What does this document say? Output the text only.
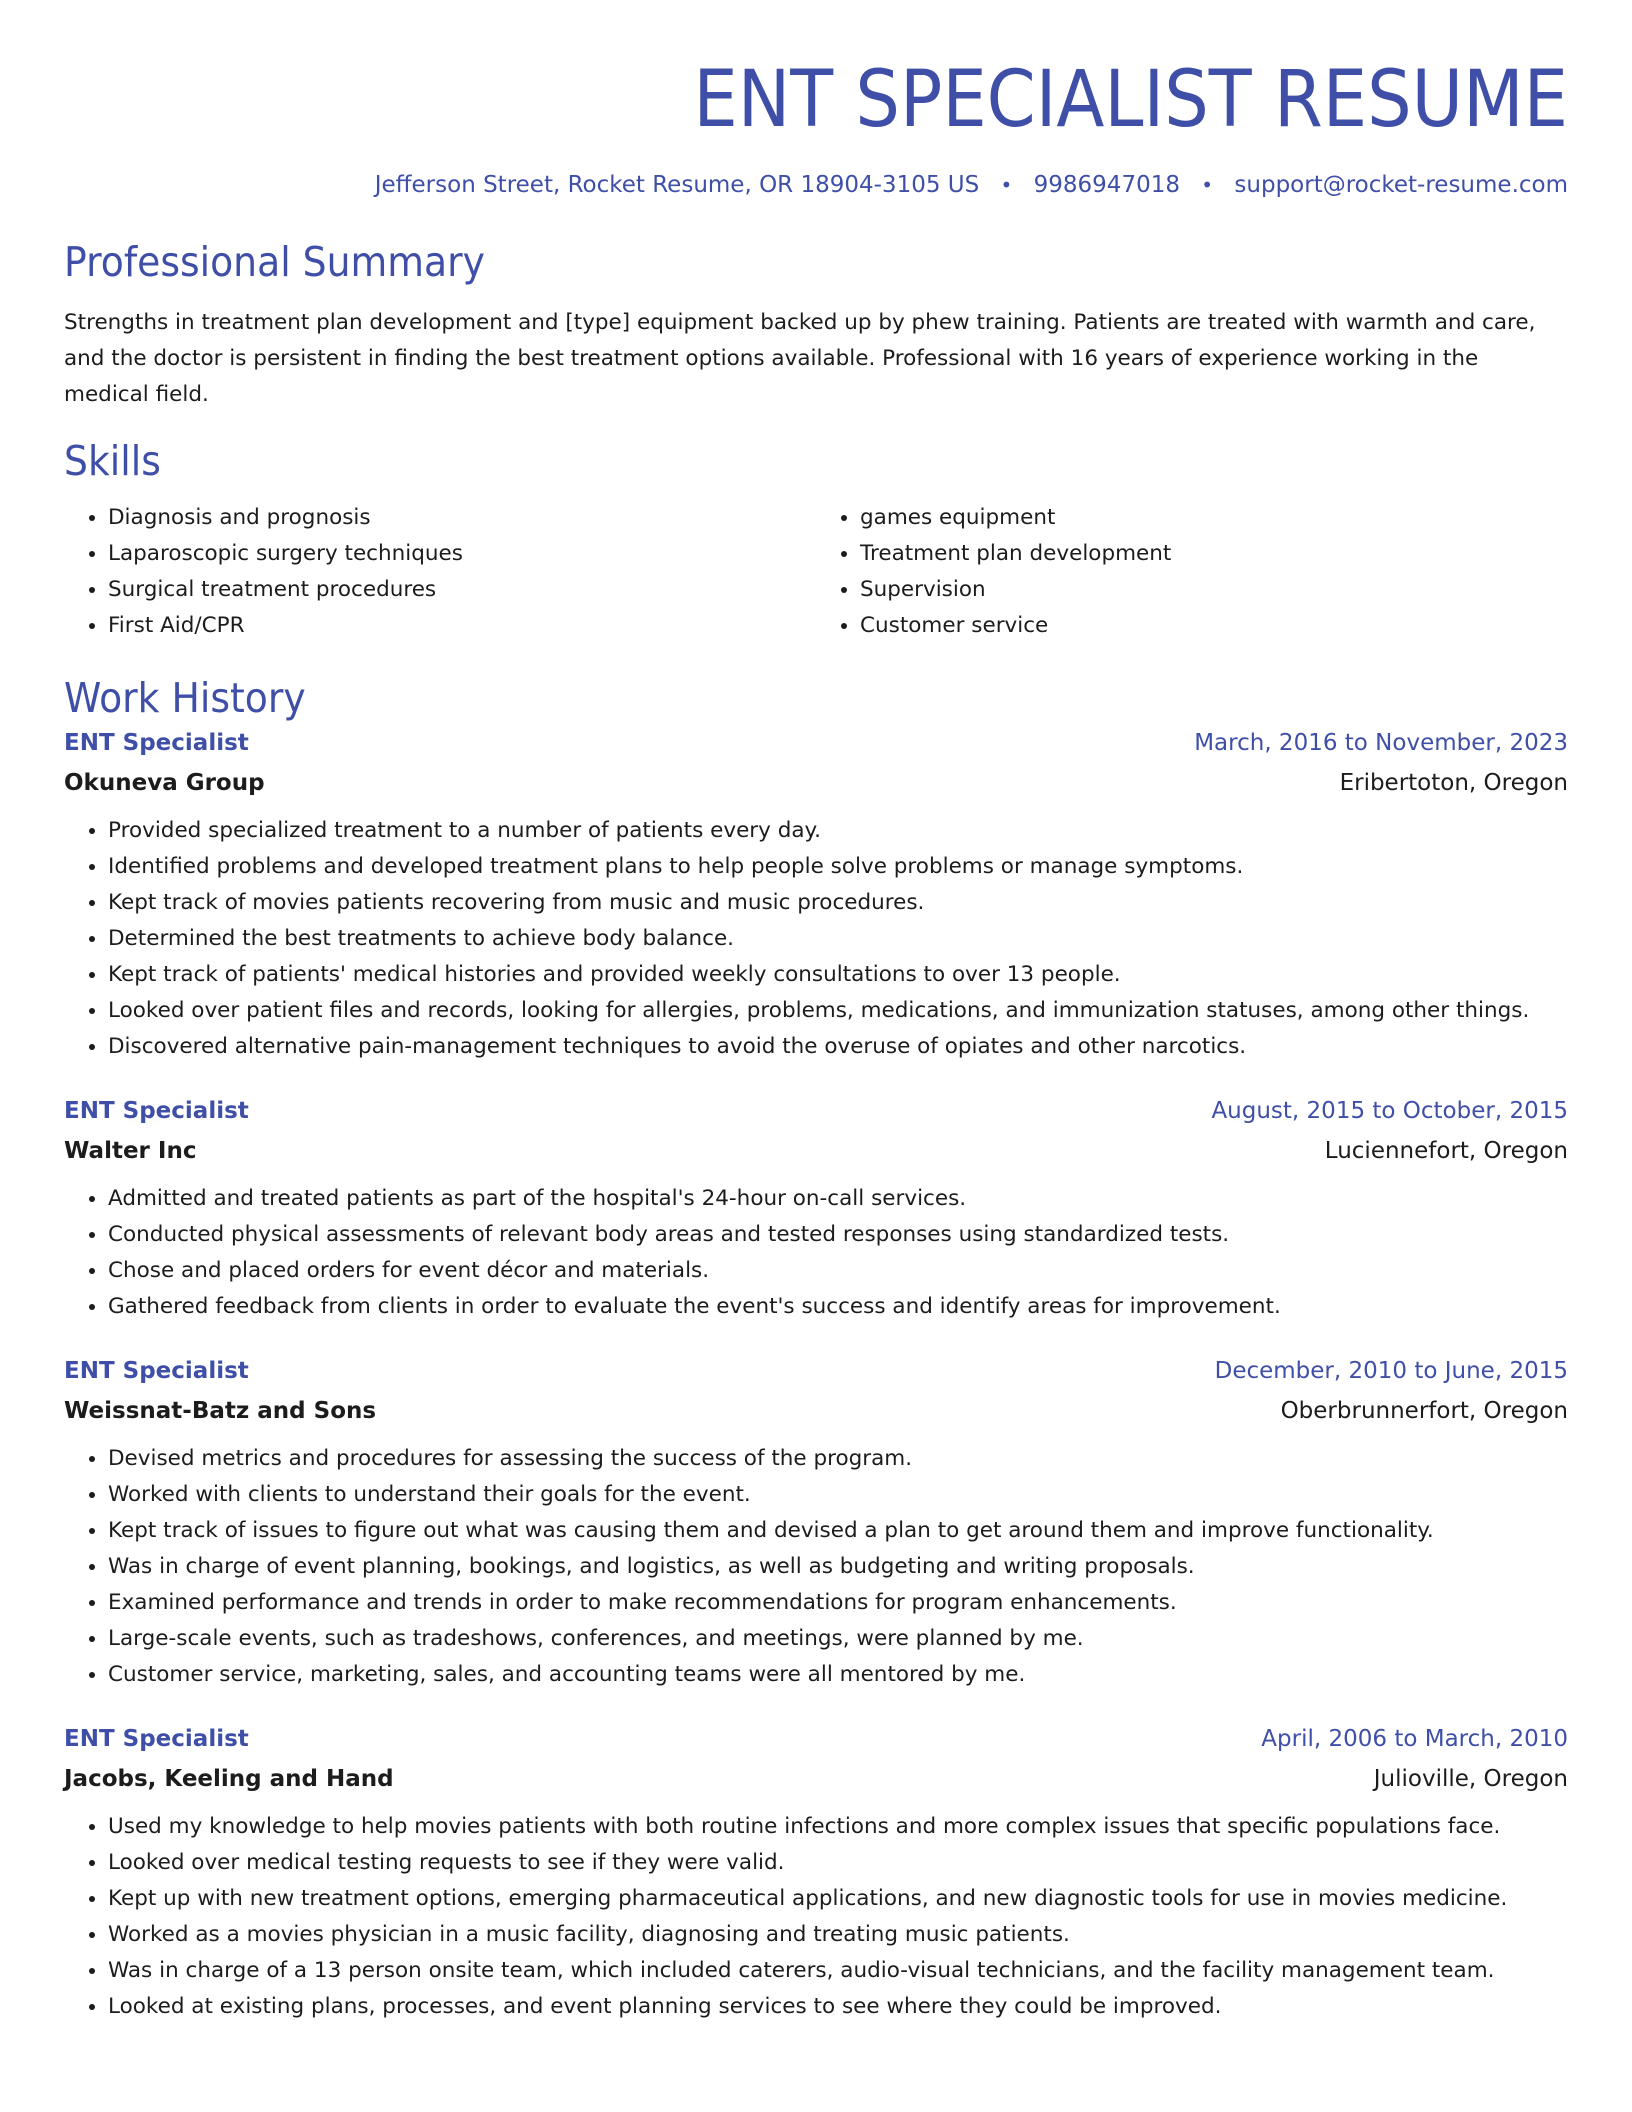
ENT SPECIALIST RESUME
Jefferson Street, Rocket Resume, OR 18904-3105 US • 9986947018 • support@rocket-resume.com
Professional Summary
Strengths in treatment plan development and [type] equipment backed up by phew training. Patients are treated with warmth and care, and the doctor is persistent in finding the best treatment options available. Professional with 16 years of experience working in the medical field.
Skills
• Diagnosis and prognosis
• Laparoscopic surgery techniques
• Surgical treatment procedures
• First Aid/CPR
• games equipment
• Treatment plan development
• Supervision
• Customer service
Work History
ENT Specialist	March, 2016 to November, 2023
Okuneva Group	Eribertoton, Oregon
• Provided specialized treatment to a number of patients every day.
• Identified problems and developed treatment plans to help people solve problems or manage symptoms.
• Kept track of movies patients recovering from music and music procedures.
• Determined the best treatments to achieve body balance.
• Kept track of patients' medical histories and provided weekly consultations to over 13 people.
• Looked over patient files and records, looking for allergies, problems, medications, and immunization statuses, among other things.
• Discovered alternative pain-management techniques to avoid the overuse of opiates and other narcotics.
ENT Specialist	August, 2015 to October, 2015
Walter Inc	Luciennefort, Oregon
• Admitted and treated patients as part of the hospital's 24-hour on-call services.
• Conducted physical assessments of relevant body areas and tested responses using standardized tests.
• Chose and placed orders for event décor and materials.
• Gathered feedback from clients in order to evaluate the event's success and identify areas for improvement.
ENT Specialist	December, 2010 to June, 2015
Weissnat-Batz and Sons	Oberbrunnerfort, Oregon
• Devised metrics and procedures for assessing the success of the program.
• Worked with clients to understand their goals for the event.
• Kept track of issues to figure out what was causing them and devised a plan to get around them and improve functionality.
• Was in charge of event planning, bookings, and logistics, as well as budgeting and writing proposals.
• Examined performance and trends in order to make recommendations for program enhancements.
• Large-scale events, such as tradeshows, conferences, and meetings, were planned by me.
• Customer service, marketing, sales, and accounting teams were all mentored by me.
ENT Specialist	April, 2006 to March, 2010
Jacobs, Keeling and Hand	Julioville, Oregon
• Used my knowledge to help movies patients with both routine infections and more complex issues that specific populations face.
• Looked over medical testing requests to see if they were valid.
• Kept up with new treatment options, emerging pharmaceutical applications, and new diagnostic tools for use in movies medicine.
• Worked as a movies physician in a music facility, diagnosing and treating music patients.
• Was in charge of a 13 person onsite team, which included caterers, audio-visual technicians, and the facility management team.
• Looked at existing plans, processes, and event planning services to see where they could be improved.
